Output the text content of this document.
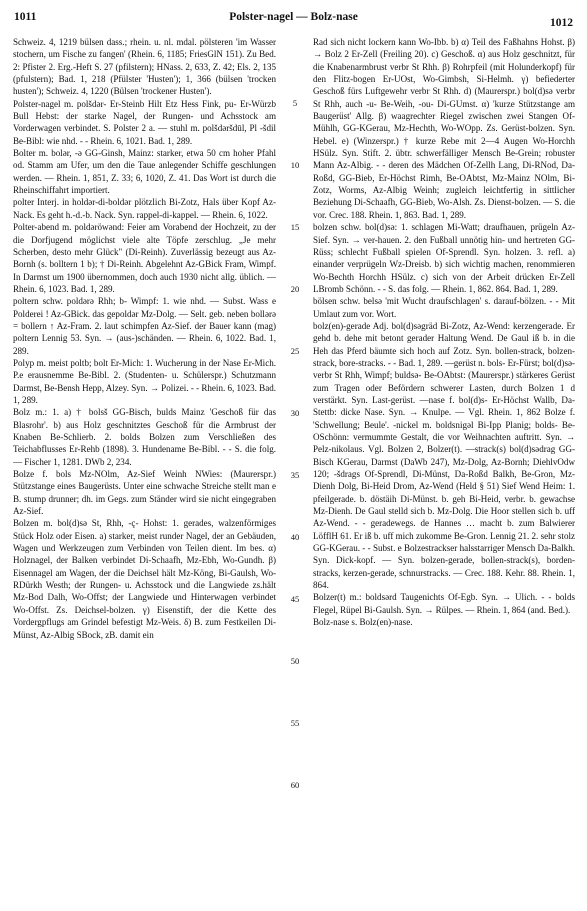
1011	Polster-nagel — Bolz-nase	1012

Schweiz. 4, 1219 bülsen dass.; rhein. u. nl. mdal. pölsteren 'im Wasser stochern, um Fische zu fangen' (Rhein. 6, 1185; FriesGlN 151). Zu Bed. 2: Pfister 2. Erg.-Heft S. 27 (pfilstern); HNass. 2, 633, Z. 42; Els. 2, 135 (pfulstern); Bad. 1, 218 (Pfülster 'Husten'); 1, 366 (bülsen 'trocken husten'); Schweiz. 4, 1220 (Bülsen 'trockener Husten').

Polster-nagel m. polšdər- Er-Steinb Hilt Etz Hess Fink, pu- Er-Würzb Bull Hebst: der starke Nagel, der Rungen- und Achsstock am Vorderwagen verbindet. S. Polster 2 a. — stuhl m. polšdəršdūl, Pl -šdil Be-Bibl: wie nhd. - - Rhein. 6, 1021. Bad. 1, 289.

Bolter m. bolər, -ə GG-Ginsh, Mainz: starker, etwa 50 cm hoher Pfahl od. Stamm am Ufer, um den die Taue anlegender Schiffe geschlungen werden. — Rhein. 1, 851, Z. 33; 6, 1020, Z. 41. Das Wort ist durch die Rheinschiffahrt importiert.

polter Interj. in holdər-di-boldər plötzlich Bi-Zotz, Hals über Kopf Az-Nack. Es geht h.-d.-b. Nack. Syn. rappel-di-kappel. — Rhein. 6, 1022.

Polter-abend m. poldəröwənd: Feier am Vorabend der Hochzeit, zu der die Dorfjugend möglichst viele alte Töpfe zerschlug. „Je mehr Scherben, desto mehr Glück" (Di-Reinh). Zuverlässig bezeugt aus Az-Bornh (s. bolltern 1 b); † Di-Reinh. Abgelehnt Az-GBick Fram, Wimpf. In Darmst um 1900 übernommen, doch auch 1930 nicht allg. üblich. — Rhein. 6, 1023. Bad. 1, 289.

poltern schw. poldərə Rhh; b- Wimpf: 1. wie nhd. — Subst. Wass e Polderei ! Az-GBick. das gepoldər Mz-Dolg. — Selt. geb. neben bollərə = bollern ↑ Az-Fram. 2. laut schimpfen Az-Sief. der Bauer kann (mag) poltern Lennig 53. Syn. → (aus-)schänden. — Rhein. 6, 1022. Bad. 1, 289.

Polyp m. meist poltb; bolt Er-Mich: 1. Wucherung in der Nase Er-Mich. P.e erausnemme Be-Bibl. 2. (Studenten- u. Schülerspr.) Schutzmann Darmst, Be-Bensh Hepp, Alzey. Syn. → Polizei. - - Rhein. 6, 1023. Bad. 1, 289.

Bolz m.: 1. a) † bolsš GG-Bisch, bulds Mainz 'Geschoß für das Blasrohr'. b) aus Holz geschnitztes Geschoß für die Armbrust der Knaben Be-Schlierb. 2. bolds Bolzen zum Verschließen des Teichabflusses Er-Rehb (1898). 3. Hundename Be-Bibl. - - S. die folg. — Fischer 1, 1281. DWb 2, 234.

Bolze f. bols Mz-NOlm, Az-Sief Weinh NWies: (Maurerspr.) Stützstange eines Baugerüsts. Unter eine schwache Streiche stellt man e B. stump drunner; dh. im Gegs. zum Ständer wird sie nicht eingegraben Az-Sief.

Bolzen m. bol(d)sə St, Rhh, -ç- Hohst: 1. gerades, walzenförmiges Stück Holz oder Eisen. a) starker, meist runder Nagel, der an Gebäuden, Wagen und Werkzeugen zum Verbinden von Teilen dient. Im bes. α) Holznagel, der Balken verbindet Di-Schaafh, Mz-Ebh, Wo-Gundh. β) Eisennagel am Wagen, der die Deichsel hält Mz-Köng, Bi-Gaulsh, Wo-RDürkh Westh; der Rungen- u. Achsstock und die Langwiede zs.hält Mz-Bod Dalh, Wo-Offst; der Langwiede und Hinterwagen verbindet Wo-Offst. Zs. Deichsel-bolzen. γ) Eisenstift, der die Kette des Vordergpflugs am Grindel befestigt Mz-Weis. δ) B. zum Festkeilen Di-Münst, Az-Albig SBock, zB. damit ein

5
10
15
20
25
30
35
40
45
50
55
60

Rad sich nicht lockern kann Wo-Ibb. b) α) Teil des Faßhahns Hohst. β) → Bolz 2 Er-Zell (Freiling 20). c) Geschoß. α) aus Holz geschnitzt, für die Knabenarmbrust verbr St Rhh. β) Rohrpfeil (mit Holunderkopf) für den Flitz-bogen Er-UOst, Wo-Gimbsh, Si-Helmh. γ) befiederter Geschoß fürs Luftgewehr verbr St Rhh. d) (Maurerspr.) bol(d)sə verbr St Rhh, auch -u- Be-Weih, -ou- Di-GUmst. α) 'kurze Stützstange am Baugerüst' Allg. β) waagrechter Riegel zwischen zwei Stangen Of-Mühlh, GG-KGerau, Mz-Hechth, Wo-WOpp. Zs. Gerüst-bolzen. Syn. Hebel. e) (Winzerspr.) † kurze Rebe mit 2—4 Augen Wo-Horchh HSülz. Syn. Stift. 2. übtr. schwerfälliger Mensch Be-Grein; robuster Mann Az-Albig. - - deren des Mädchen Of-Zellh Lang, Di-RNod, Da-Roßd, GG-Bieb, Er-Höchst Rimh, Be-OAbtst, Mz-Mainz NOlm, Bi-Zotz, Worms, Az-Albig Weinh; zugleich leichtfertig in sittlicher Beziehung Di-Schaafh, GG-Bieb, Wo-Alsh. Zs. Dienst-bolzen. — S. die vor. Crec. 188. Rhein. 1, 863. Bad. 1, 289.

bolzen schw. bol(d)sə: 1. schlagen Mi-Watt; draufhauen, prügeln Az-Sief. Syn. → ver-hauen. 2. den Fußball unnötig hin- und hertreten GG-Rüss; schlecht Fußball spielen Of-Sprendl. Syn. holzen. 3. refl. a) einander verprügeln Wz-Dreisb. b) sich wichtig machen, renommieren Wo-Bechth Horchh HSülz. c) sich von der Arbeit drücken Er-Zell LBromb Schönn. - - S. das folg. — Rhein. 1, 862. 864. Bad. 1, 289.

bölsen schw. belsə 'mit Wucht draufschlagen' s. darauf-bölzen. - - Mit Umlaut zum vor. Wort.

bolz(en)-gerade Adj. bol(d)səgräd Bi-Zotz, Az-Wend: kerzengerade. Er gehd b. dehe mit betont gerader Haltung Wend. De Gaul iß b. in die Heh das Pferd bäumte sich hoch auf Zotz. Syn. bollen-strack, bolzen-strack, bore-stracks. - - Bad. 1, 289. —gerüst n. bols- Er-Fürst; bol(d)sə- verbr St Rhh, Wimpf; buldsə- Be-OAbtst: (Maurerspr.) stärkeres Gerüst zum Tragen oder Befördern schwerer Lasten, durch Bolzen 1 d verstärkt. Syn. Last-gerüst. —nase f. bol(d)s- Er-Höchst Wallb, Da-Stettb: dicke Nase. Syn. → Knulpe. — Vgl. Rhein. 1, 862 Bolze f. 'Schwellung; Beule'. -nickel m. boldsnigəl Bi-Ipp Planig; bolds- Be-OSchönn: vermummte Gestalt, die vor Weihnachten auftritt. Syn. → Pelz-nikolaus. Vgl. Bolzen 2, Bolzer(t). —strack(s) bol(d)sədrag GG-Bisch KGerau, Darmst (DaWb 247), Mz-Dolg, Az-Bornh; DiehlvOdw 120; -šdrags Of-Sprendl, Di-Münst, Da-Roßd Balkh, Be-Gron, Mz-Dienh Dolg, Bi-Heid Drom, Az-Wend (Held § 51) Sief Wend Heim: 1. pfeilgerade. b. döstäih Di-Münst. b. geh Bi-Heid, verbr. b. gewachse Mz-Dienh. De Gaul stelld sich b. Mz-Dolg. Die Hoor stellen sich b. uff Az-Wend. - - geradewegs. de Hannes … macht b. zum Balwierer LöfflH 61. Er iß b. uff mich zukomme Be-Gron. Lennig 21. 2. sehr stolz GG-KGerau. - - Subst. e Bolzestrackser halsstarriger Mensch Da-Balkh. Syn. Dick-kopf. — Syn. bolzen-gerade, bollen-strack(s), borden-stracks, kerzen-gerade, schnurstracks. — Crec. 188. Kehr. 88. Rhein. 1, 864.

Bolzer(t) m.: boldsərd Taugenichts Of-Egb. Syn. → Ulich. - - bolds Flegel, Rüpel Bi-Gaulsh. Syn. → Rülpes. — Rhein. 1, 864 (and. Bed.).

Bolz-nase s. Bolz(en)-nase.
